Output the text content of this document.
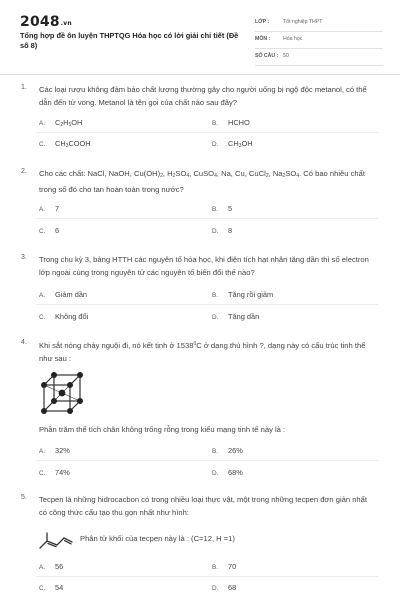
2048.vn
Tổng hợp đề ôn luyện THPTQG Hóa học có lời giải chi tiết (Đề số 8)
LỚP :	Tốt nghiệp THPT
MÔN : Hóa học
SỐ CÂU : 50
1. Các loại rượu không đảm bảo chất lượng thường gây cho người uống bị ngộ độc metanol, có thể dẫn đến tử vong. Metanol là tên gọi của chất nào sau đây?
A. $C_2H_5OH$	B. HCHO
C. $CH_3COOH$	D. $CH_3OH$
2. Cho các chất: NaCl, NaOH, $Cu(OH)_2$, $H_2SO_4$, CuSO$_4$, Na, Cu, CuCl$_2$, $Na_2SO_4$. Có bao nhiêu chất trong số đó cho tan hoàn toàn trong nước?
A. 7	B. 5
C. 6	D. 8
3. Trong chu kỳ 3, bảng HTTH các nguyên tố hóa học, khi điện tích hạt nhân tăng dần thì số electron lớp ngoài cùng trong nguyên tử các nguyên tố biến đổi thế nào?
A. Giảm dần	B. Tăng rồi giảm
C. Không đổi	D. Tăng dần
4. Khi sắt nóng chảy nguội đi, nó kết tinh ở 1538$^0$C ở dạng thù hình ?, dạng này có cấu trúc tinh thể như sau :
Phần trăm thể tích chân không trống rỗng trong kiểu mạng tinh tế này là :
A. 32%	B. 26%
C. 74%	D. 68%
5. Tecpen là những hidrocacbon có trong nhiều loại thực vật, một trong những tecpen đơn giản nhất có công thức cấu tạo thu gọn nhất như hình:
Phân tử khối của tecpen này là : (C=12, H =1)
A. 56	B. 70
C. 54	D. 68
